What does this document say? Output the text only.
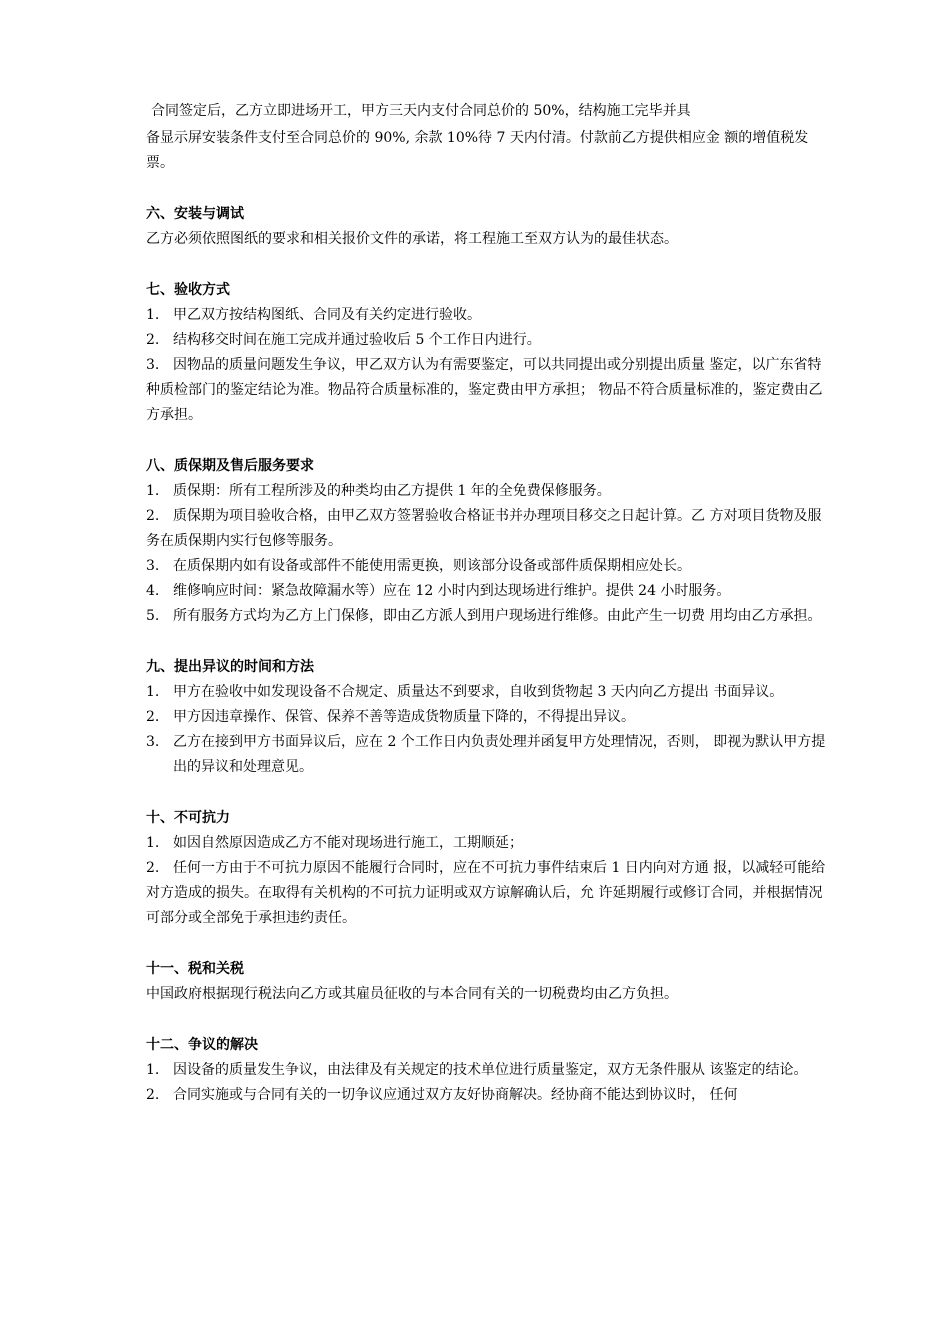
合同签定后，乙方立即进场开工，甲方三天内支付合同总价的 50%，结构施工完毕并具

备显示屏安装条件支付至合同总价的 90%, 余款 10%待 7 天内付清。付款前乙方提供相应金 额的增值税发票。

六、安装与调试

乙方必须依照图纸的要求和相关报价文件的承诺，将工程施工至双方认为的最佳状态。

七、验收方式

1. 甲乙双方按结构图纸、合同及有关约定进行验收。
2. 结构移交时间在施工完成并通过验收后 5 个工作日内进行。
3. 因物品的质量问题发生争议，甲乙双方认为有需要鉴定，可以共同提出或分别提出质量 鉴定，以广东省特种质检部门的鉴定结论为准。物品符合质量标准的，鉴定费由甲方承担； 物品不符合质量标准的，鉴定费由乙方承担。

八、质保期及售后服务要求

1. 质保期：所有工程所涉及的种类均由乙方提供 1 年的全免费保修服务。
2. 质保期为项目验收合格，由甲乙双方签署验收合格证书并办理项目移交之日起计算。乙 方对项目货物及服务在质保期内实行包修等服务。
3. 在质保期内如有设备或部件不能使用需更换，则该部分设备或部件质保期相应处长。
4. 维修响应时间：紧急故障漏水等）应在 12 小时内到达现场进行维护。提供 24 小时服务。
5. 所有服务方式均为乙方上门保修，即由乙方派人到用户现场进行维修。由此产生一切费 用均由乙方承担。

九、提出异议的时间和方法

1. 甲方在验收中如发现设备不合规定、质量达不到要求，自收到货物起 3 天内向乙方提出 书面异议。
2. 甲方因违章操作、保管、保养不善等造成货物质量下降的，不得提出异议。
3. 乙方在接到甲方书面异议后，应在 2 个工作日内负责处理并函复甲方处理情况，否则， 即视为默认甲方提出的异议和处理意见。

十、不可抗力

1. 如因自然原因造成乙方不能对现场进行施工，工期顺延；
2. 任何一方由于不可抗力原因不能履行合同时，应在不可抗力事件结束后 1 日内向对方通 报，以减轻可能给对方造成的损失。在取得有关机构的不可抗力证明或双方谅解确认后，允 许延期履行或修订合同，并根据情况可部分或全部免于承担违约责任。

十一、税和关税

中国政府根据现行税法向乙方或其雇员征收的与本合同有关的一切税费均由乙方负担。

十二、争议的解决

1. 因设备的质量发生争议，由法律及有关规定的技术单位进行质量鉴定，双方无条件服从 该鉴定的结论。
2. 合同实施或与合同有关的一切争议应通过双方友好协商解决。经协商不能达到协议时， 任何
